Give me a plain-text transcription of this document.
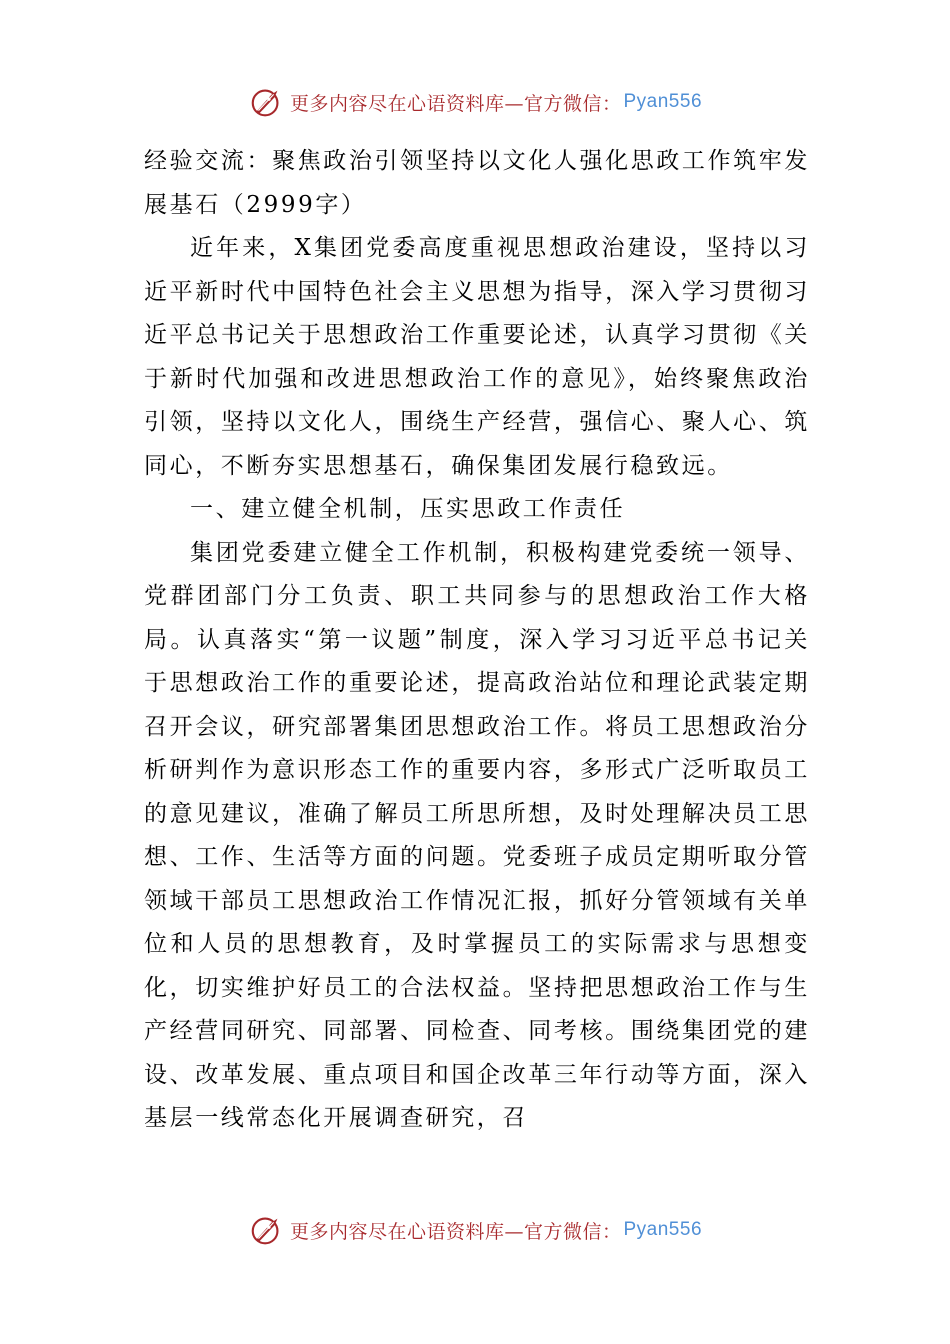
更多内容尽在心语资料库—官方微信： Pyan556
经验交流：聚焦政治引领坚持以文化人强化思政工作筑牢发展基石（2999字）

近年来，X集团党委高度重视思想政治建设，坚持以习近平新时代中国特色社会主义思想为指导，深入学习贯彻习近平总书记关于思想政治工作重要论述，认真学习贯彻《关于新时代加强和改进思想政治工作的意见》，始终聚焦政治引领，坚持以文化人，围绕生产经营，强信心、聚人心、筑同心，不断夯实思想基石，确保集团发展行稳致远。

一、建立健全机制，压实思政工作责任

集团党委建立健全工作机制，积极构建党委统一领导、党群团部门分工负责、职工共同参与的思想政治工作大格局。认真落实“第一议题”制度，深入学习习近平总书记关于思想政治工作的重要论述，提高政治站位和理论武装定期召开会议，研究部署集团思想政治工作。将员工思想政治分析研判作为意识形态工作的重要内容，多形式广泛听取员工的意见建议，准确了解员工所思所想，及时处理解决员工思想、工作、生活等方面的问题。党委班子成员定期听取分管领域干部员工思想政治工作情况汇报，抓好分管领域有关单位和人员的思想教育，及时掌握员工的实际需求与思想变化，切实维护好员工的合法权益。坚持把思想政治工作与生产经营同研究、同部署、同检查、同考核。围绕集团党的建设、改革发展、重点项目和国企改革三年行动等方面，深入基层一线常态化开展调查研究，召

更多内容尽在心语资料库—官方微信： Pyan556
